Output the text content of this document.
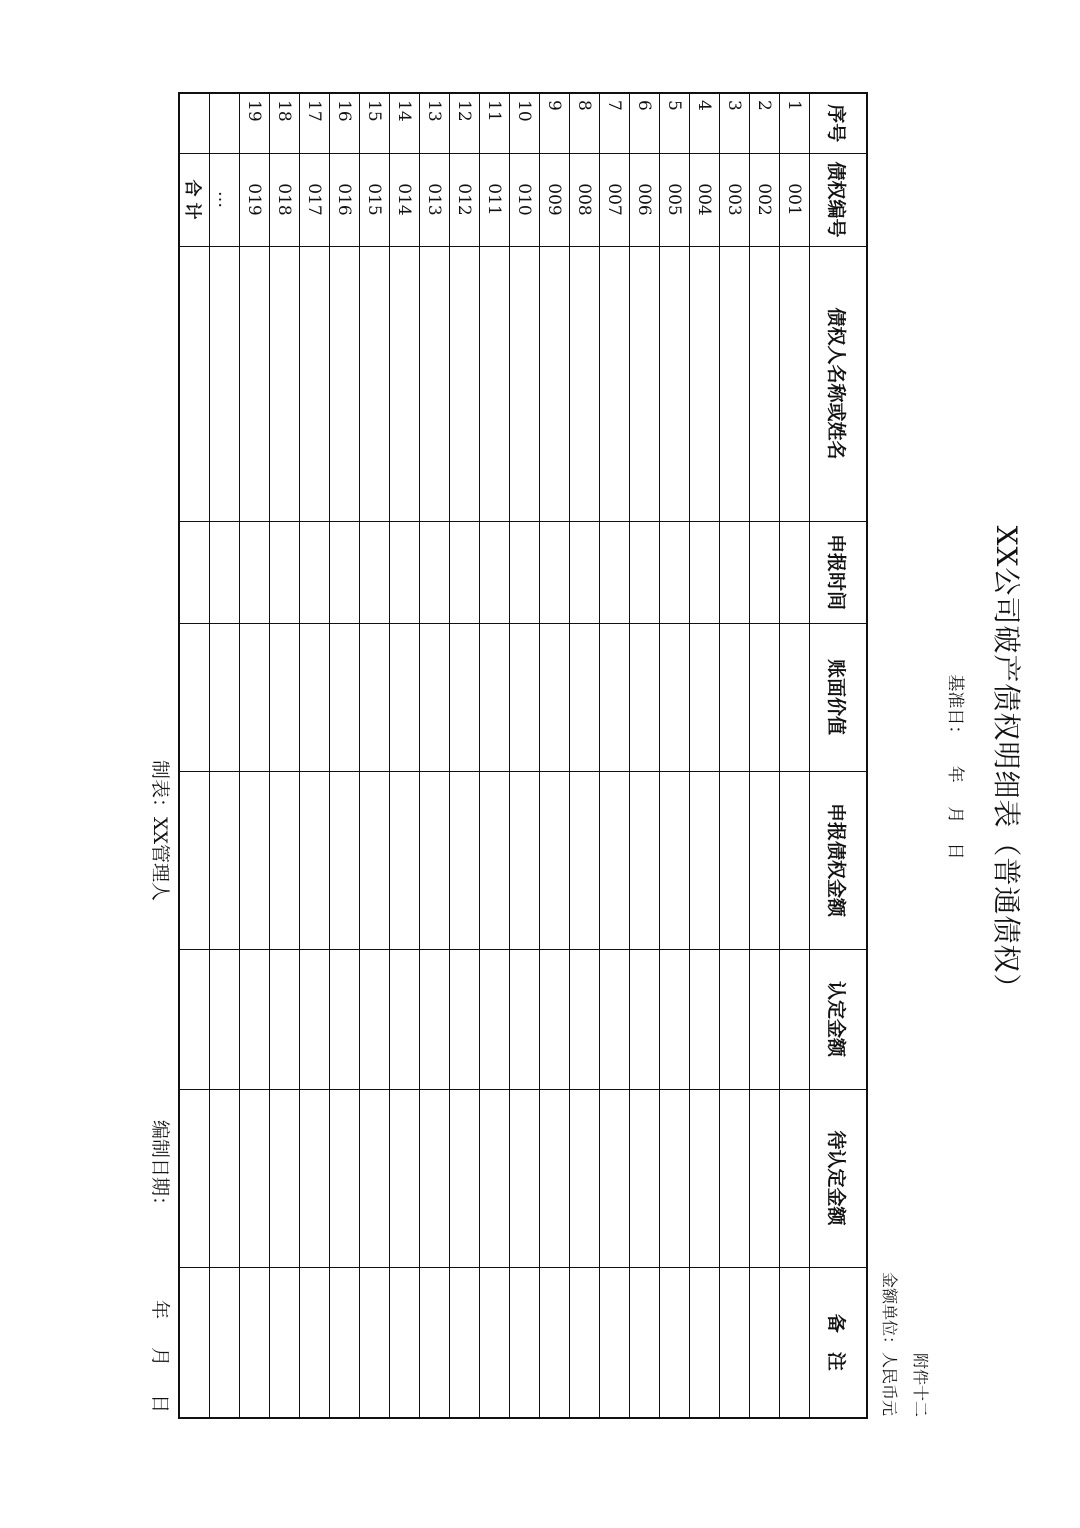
XX公司破产债权明细表（普通债权）
基准日： 年 月 日
附件十二
金额单位：人民币元
序号	债权编号	债权人名称或姓名	申报时间	账面价值	申报债权金额	认定金额	待认定金额	备　注
1	001							
2	002							
3	003							
4	004							
5	005							
6	006							
7	007							
8	008							
9	009							
10	010							
11	011							
12	012							
13	013							
14	014							
15	015							
16	016							
17	017							
18	018							
19	019							
	…							
	合 计							
制表：XX管理人
编制日期：
年 月 日
